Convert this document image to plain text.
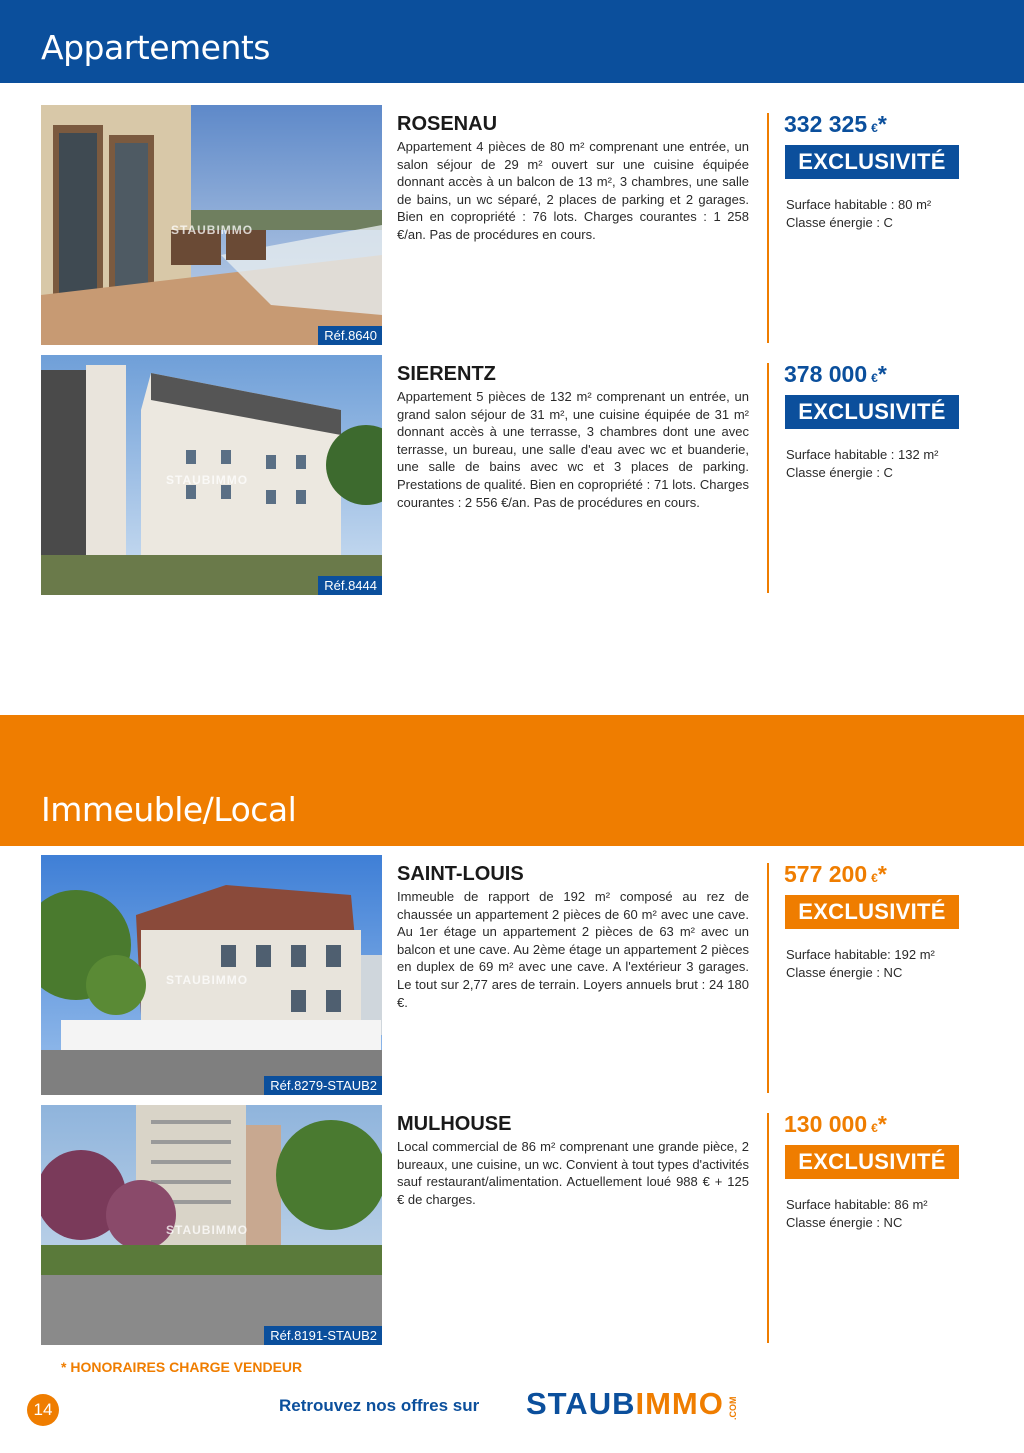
Appartements
STAUBIMMO
Réf.8640
ROSENAU

Appartement 4 pièces de 80 m² comprenant une entrée, un salon séjour de 29 m² ouvert sur une cuisine équipée donnant accès à un balcon de 13 m², 3 chambres, une salle de bains, un wc séparé, 2 places de parking et 2 garages. Bien en copropriété : 76 lots. Charges courantes : 1 258 €/an. Pas de procédures en cours.

332 325 €*
EXCLUSIVITÉ
Surface habitable : 80 m²
Classe énergie : C
STAUBIMMO
Réf.8444
SIERENTZ

Appartement 5 pièces de 132 m² comprenant un entrée, un grand salon séjour de 31 m², une cuisine équipée de 31 m² donnant accès à une terrasse, 3 chambres dont une avec terrasse, un bureau, une salle d'eau avec wc et buanderie, une salle de bains avec wc et 3 places de parking. Prestations de qualité. Bien en copropriété : 71 lots. Charges courantes : 2 556 €/an. Pas de procédures en cours.

378 000 €*
EXCLUSIVITÉ
Surface habitable : 132 m²
Classe énergie : C
Immeuble/Local
STAUBIMMO
Réf.8279-STAUB2
SAINT-LOUIS

Immeuble de rapport de 192 m² composé au rez de chaussée un appartement 2 pièces de 60 m² avec une cave. Au 1er étage un appartement 2 pièces de 63 m² avec un balcon et une cave. Au 2ème étage un appartement 2 pièces en duplex de 69 m² avec une cave. A l'extérieur 3 garages. Le tout sur 2,77 ares de terrain. Loyers annuels brut : 24 180 €.

577 200 €*
EXCLUSIVITÉ
Surface habitable: 192 m²
Classe énergie : NC
STAUBIMMO
Réf.8191-STAUB2
MULHOUSE

Local commercial de 86 m² comprenant une grande pièce, 2 bureaux, une cuisine, un wc. Convient à tout types d'activités sauf restaurant/alimentation. Actuellement loué 988 € + 125 € de charges.

130 000 €*
EXCLUSIVITÉ
Surface habitable: 86 m²
Classe énergie : NC
* HONORAIRES CHARGE VENDEUR
14	Retrouvez nos offres sur STAUBIMMO .COM
